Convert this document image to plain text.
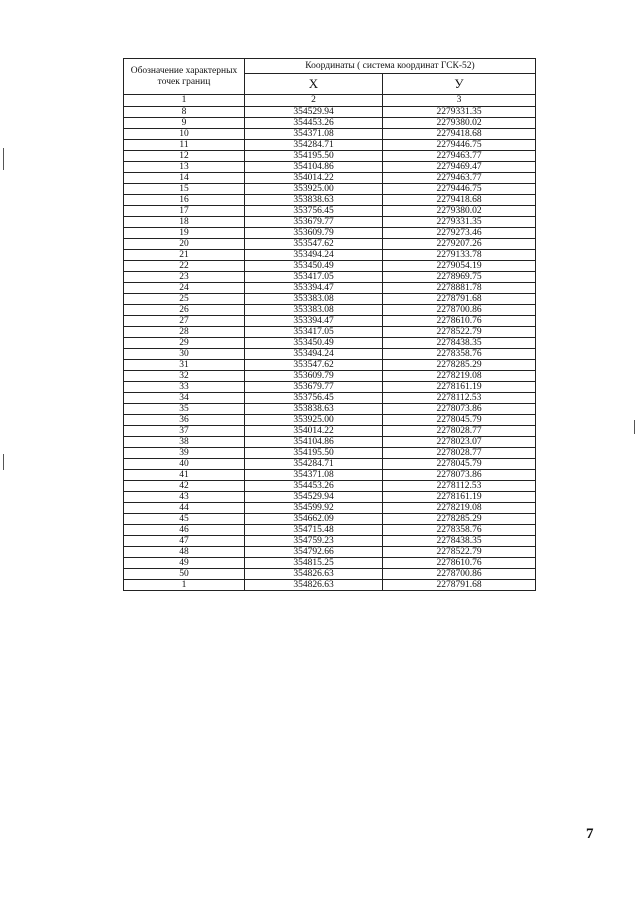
Обозначение характерных точек границ	Координаты ( система координат ГСК-52)	
	X	У
1	2	3
8	354529.94	2279331.35
9	354453.26	2279380.02
10	354371.08	2279418.68
11	354284.71	2279446.75
12	354195.50	2279463.77
13	354104.86	2279469.47
14	354014.22	2279463.77
15	353925.00	2279446.75
16	353838.63	2279418.68
17	353756.45	2279380.02
18	353679.77	2279331.35
19	353609.79	2279273.46
20	353547.62	2279207.26
21	353494.24	2279133.78
22	353450.49	2279054.19
23	353417.05	2278969.75
24	353394.47	2278881.78
25	353383.08	2278791.68
26	353383.08	2278700.86
27	353394.47	2278610.76
28	353417.05	2278522.79
29	353450.49	2278438.35
30	353494.24	2278358.76
31	353547.62	2278285.29
32	353609.79	2278219.08
33	353679.77	2278161.19
34	353756.45	2278112.53
35	353838.63	2278073.86
36	353925.00	2278045.79
37	354014.22	2278028.77
38	354104.86	2278023.07
39	354195.50	2278028.77
40	354284.71	2278045.79
41	354371.08	2278073.86
42	354453.26	2278112.53
43	354529.94	2278161.19
44	354599.92	2278219.08
45	354662.09	2278285.29
46	354715.48	2278358.76
47	354759.23	2278438.35
48	354792.66	2278522.79
49	354815.25	2278610.76
50	354826.63	2278700.86
1	354826.63	2278791.68
7
